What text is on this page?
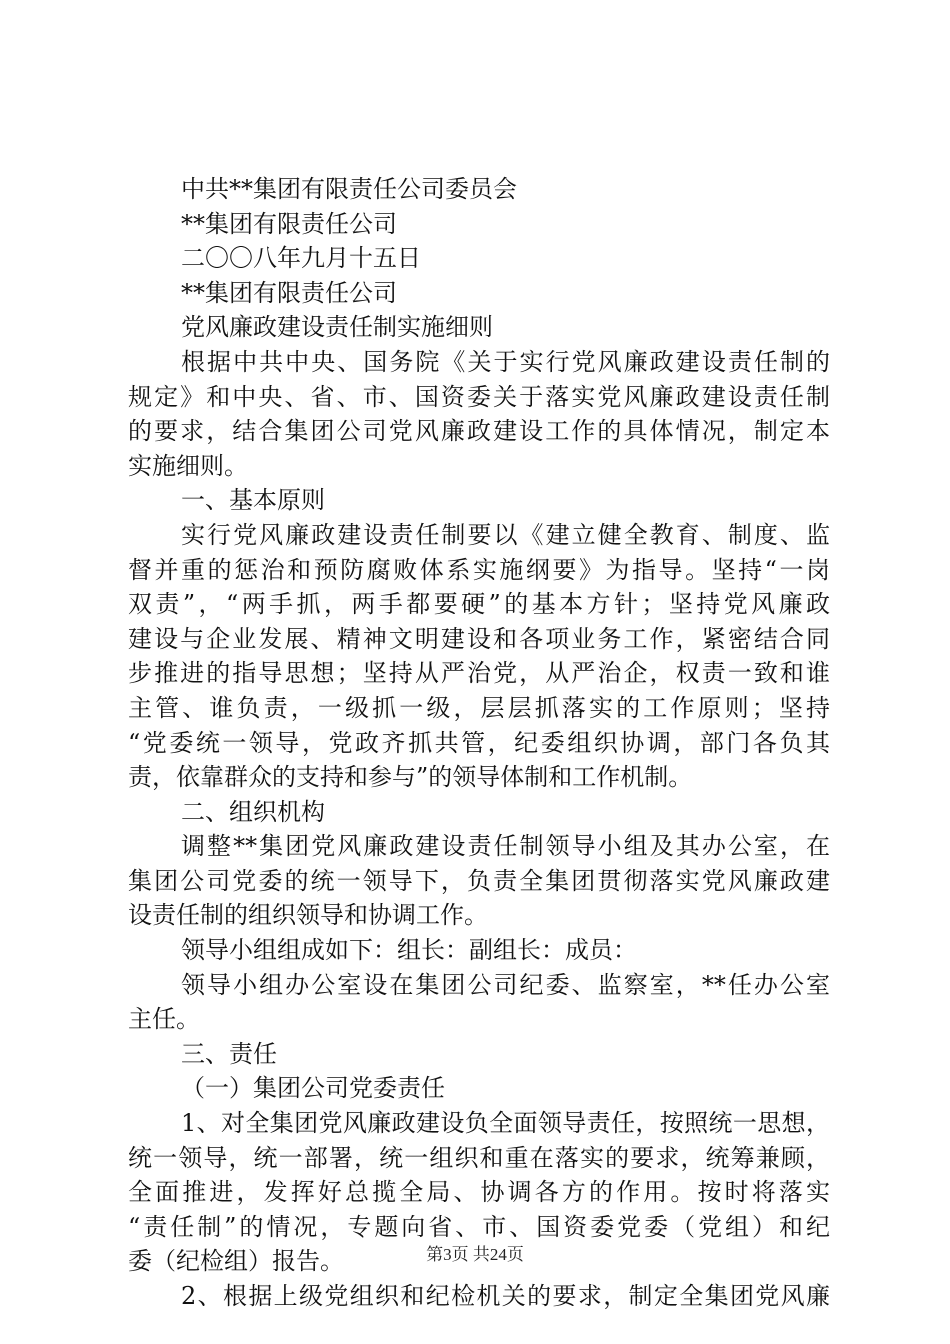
中共**集团有限责任公司委员会
**集团有限责任公司
二〇〇八年九月十五日
**集团有限责任公司
党风廉政建设责任制实施细则
根据中共中央、国务院《关于实行党风廉政建设责任制的
规定》和中央、省、市、国资委关于落实党风廉政建设责任制
的要求，结合集团公司党风廉政建设工作的具体情况，制定本
实施细则。
一、基本原则
实行党风廉政建设责任制要以《建立健全教育、制度、监
督并重的惩治和预防腐败体系实施纲要》为指导。坚持“一岗
双责”，“两手抓，两手都要硬”的基本方针；坚持党风廉政
建设与企业发展、精神文明建设和各项业务工作，紧密结合同
步推进的指导思想；坚持从严治党，从严治企，权责一致和谁
主管、谁负责，一级抓一级，层层抓落实的工作原则；坚持
“党委统一领导，党政齐抓共管，纪委组织协调，部门各负其
责，依靠群众的支持和参与”的领导体制和工作机制。
二、组织机构
调整**集团党风廉政建设责任制领导小组及其办公室，在
集团公司党委的统一领导下，负责全集团贯彻落实党风廉政建
设责任制的组织领导和协调工作。
领导小组组成如下：组长：副组长：成员：
领导小组办公室设在集团公司纪委、监察室，**任办公室
主任。
三、责任
（一）集团公司党委责任
1、对全集团党风廉政建设负全面领导责任，按照统一思想，
统一领导，统一部署，统一组织和重在落实的要求，统筹兼顾，
全面推进，发挥好总揽全局、协调各方的作用。按时将落实
“责任制”的情况，专题向省、市、国资委党委（党组）和纪
委（纪检组）报告。
2、根据上级党组织和纪检机关的要求，制定全集团党风廉
第3页 共24页
